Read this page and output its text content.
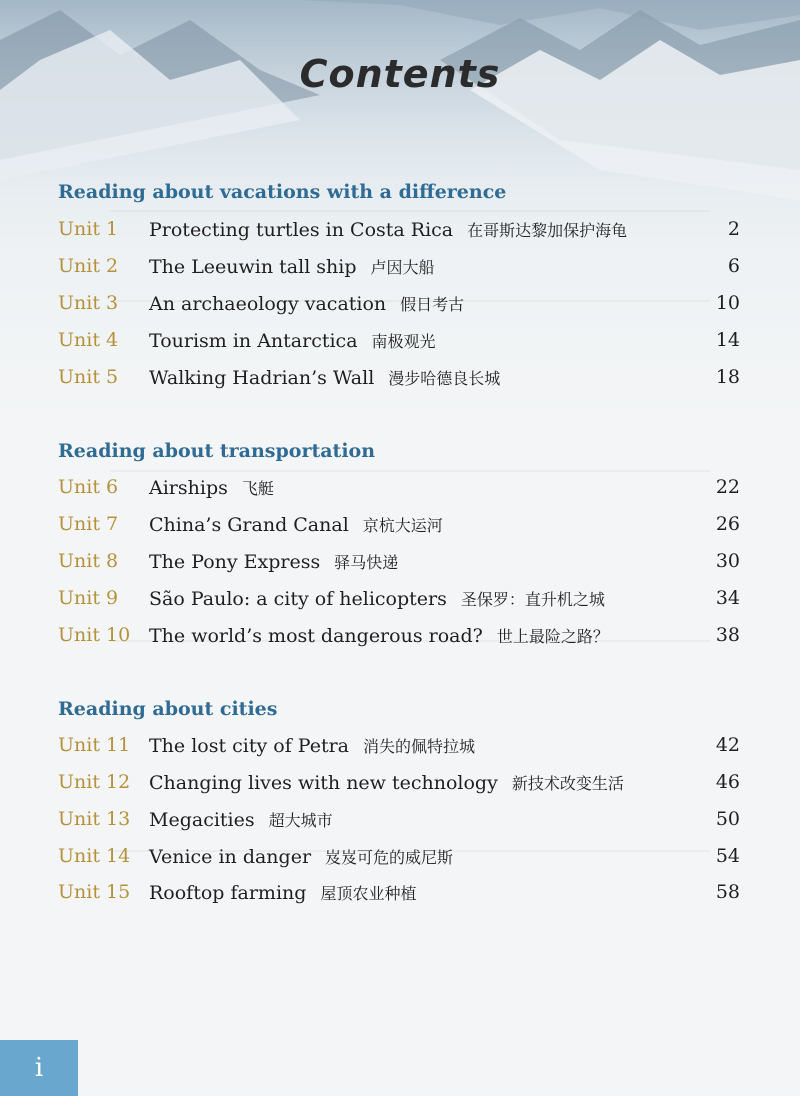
Contents
Reading about vacations with a difference
Unit 1 Protecting turtles in Costa Rica 在哥斯达黎加保护海龟	2
Unit 2 The Leeuwin tall ship 卢因大船	6
Unit 3 An archaeology vacation 假日考古	10
Unit 4 Tourism in Antarctica 南极观光	14
Unit 5 Walking Hadrian’s Wall 漫步哈德良长城	18
Reading about transportation
Unit 6 Airships 飞艇	22
Unit 7 China’s Grand Canal 京杭大运河	26
Unit 8 The Pony Express 驿马快递	30
Unit 9 São Paulo: a city of helicopters 圣保罗：直升机之城	34
Unit 10 The world’s most dangerous road? 世上最险之路？	38
Reading about cities
Unit 11 The lost city of Petra 消失的佩特拉城	42
Unit 12 Changing lives with new technology 新技术改变生活	46
Unit 13 Megacities 超大城市	50
Unit 14 Venice in danger 岌岌可危的威尼斯	54
Unit 15 Rooftop farming 屋顶农业种植	58
i
